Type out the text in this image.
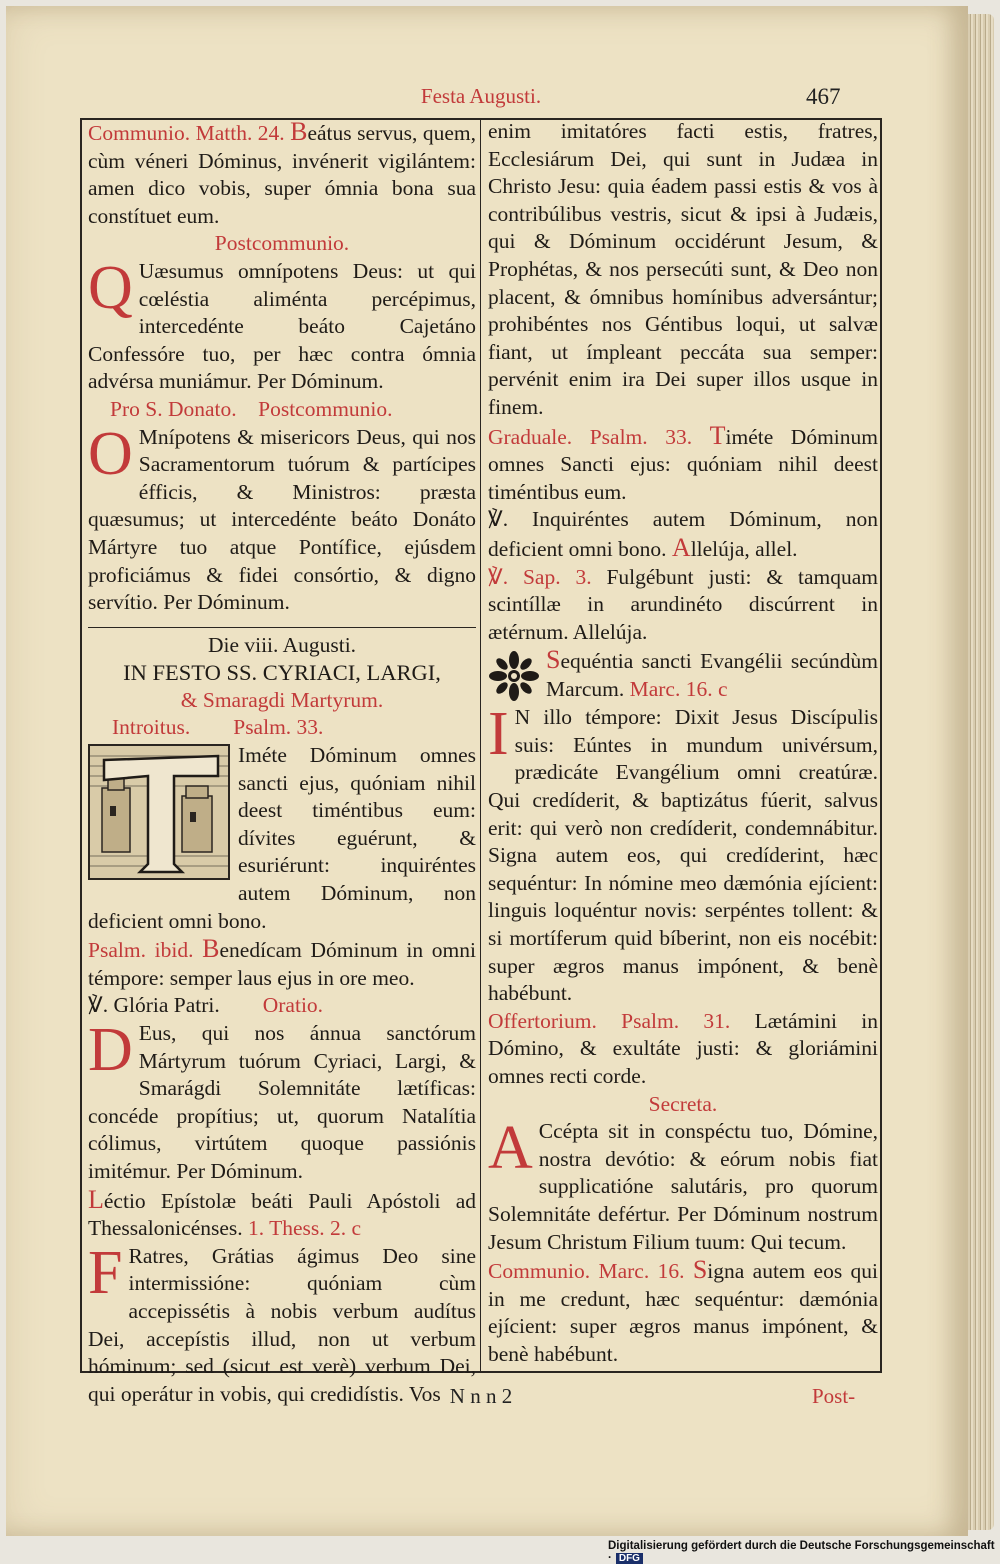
Festa Augusti.	467

Communio. Matth. 24. Beátus servus, quem, cùm véneri Dóminus, invénerit vigilántem: amen dico vobis, super ómnia bona sua constítuet eum.

Postcommunio.

Q Uæsumus omnípotens Deus: ut qui cœléstia aliménta percépimus, intercedénte beáto Cajetáno Confessóre tuo, per hæc contra ómnia advérsa muniámur. Per Dóminum.

Pro S. Donato. Postcommunio.

O Mnípotens & misericors Deus, qui nos Sacramentorum tuórum & partícipes éfficis, & Ministros: præsta quæsumus; ut intercedénte beáto Donáto Mártyre tuo atque Pontífice, ejúsdem proficiámus & fidei consórtio, & digno servítio. Per Dóminum.

Die viii. Augusti.

IN FESTO SS. CYRIACI, LARGI,

& Smaragdi Martyrum.

Introitus. Psalm. 33.

Iméte Dóminum omnes sancti ejus, quóniam nihil deest timéntibus eum: dívites eguérunt, & esuriérunt: inquiréntes autem Dóminum, non deficient omni bono.

Psalm. ibid. Benedícam Dóminum in omni témpore: semper laus ejus in ore meo.

℣. Glória Patri. Oratio.

D Eus, qui nos ánnua sanctórum Mártyrum tuórum Cyriaci, Largi, & Smarágdi Solemnitáte lætíficas: concéde propítius; ut, quorum Natalítia cólimus, virtútem quoque passiónis imitémur. Per Dóminum.

Léctio Epístolæ beáti Pauli Apóstoli ad Thessalonicénses. 1. Thess. 2. c

F Ratres, Grátias ágimus Deo sine intermissióne: quóniam cùm accepissétis à nobis verbum audítus Dei, accepístis illud, non ut verbum hóminum; sed (sicut est verè) verbum Dei, qui operátur in vobis, qui credidístis. Vos

enim imitatóres facti estis, fratres, Ecclesiárum Dei, qui sunt in Judæa in Christo Jesu: quia éadem passi estis & vos à contribúlibus vestris, sicut & ipsi à Judæis, qui & Dóminum occidérunt Jesum, & Prophétas, & nos persecúti sunt, & Deo non placent, & ómnibus homínibus adversántur; prohibéntes nos Géntibus loqui, ut salvæ fiant, ut ímpleant peccáta sua semper: pervénit enim ira Dei super illos usque in finem.

Graduale. Psalm. 33. Timéte Dóminum omnes Sancti ejus: quóniam nihil deest timéntibus eum.

℣. Inquiréntes autem Dóminum, non deficient omni bono. Allelúja, allel.

℣. Sap. 3. Fulgébunt justi: & tamquam scintíllæ in arundinéto discúrrent in ætérnum. Allelúja.

Sequéntia sancti Evangélii secúndùm Marcum. Marc. 16. c

I N illo témpore: Dixit Jesus Discípulis suis: Eúntes in mundum univérsum, prædicáte Evangélium omni creatúræ. Qui credíderit, & baptizátus fúerit, salvus erit: qui verò non credíderit, condemnábitur. Signa autem eos, qui credíderint, hæc sequéntur: In nómine meo dæmónia ejícient: linguis loquéntur novis: serpéntes tollent: & si mortíferum quid bíberint, non eis nocébit: super ægros manus impónent, & benè habébunt.

Offertorium. Psalm. 31. Lætámini in Dómino, & exultáte justi: & gloriámini omnes recti corde.

Secreta.

A Ccépta sit in conspéctu tuo, Dómine, nostra devótio: & eórum nobis fiat supplicatióne salutáris, pro quorum Solemnitáte defértur. Per Dóminum nostrum Jesum Christum Filium tuum: Qui tecum.

Communio. Marc. 16. Signa autem eos qui in me credunt, hæc sequéntur: dæmónia ejícient: super ægros manus impónent, & benè habébunt.

N n n 2	Post-
Digitalisierung gefördert durch die Deutsche Forschungsgemeinschaft · DFG
